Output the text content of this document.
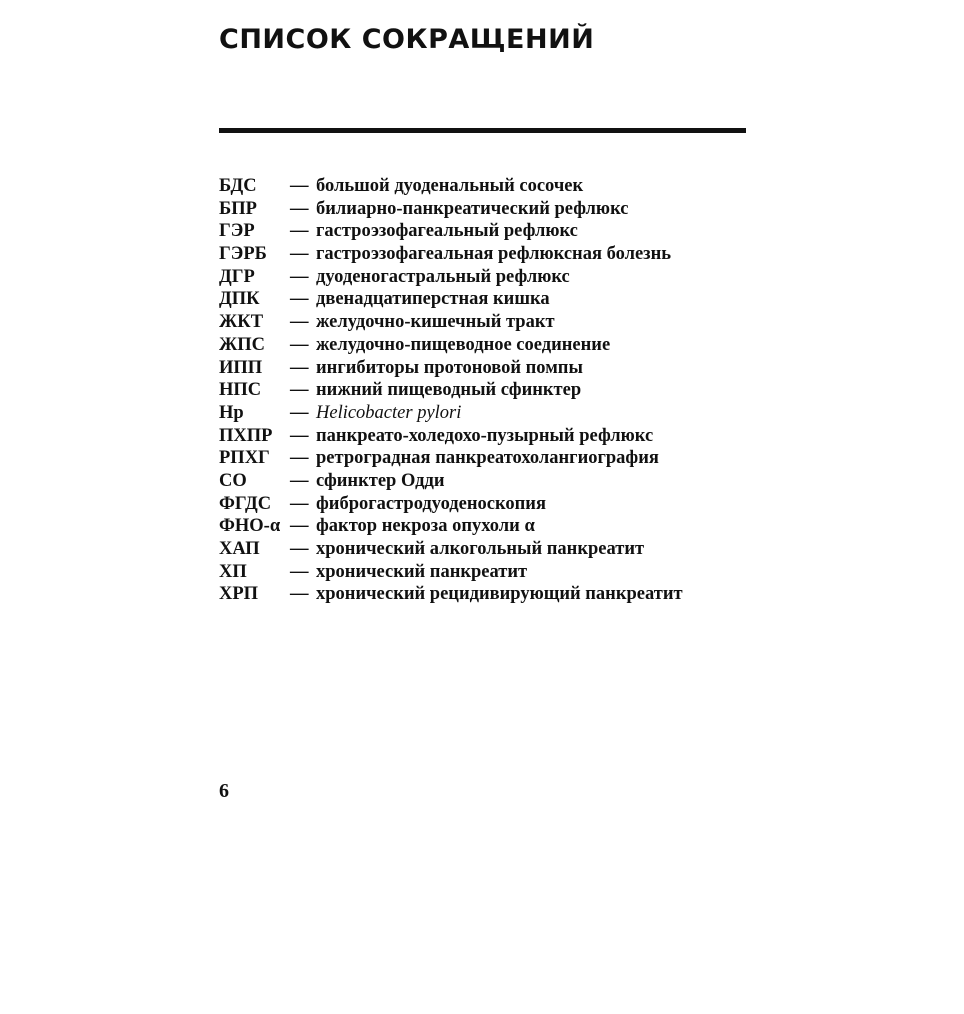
СПИСОК СОКРАЩЕНИЙ
БДС — большой дуоденальный сосочек
БПР — билиарно-панкреатический рефлюкс
ГЭР — гастроэзофагеальный рефлюкс
ГЭРБ — гастроэзофагеальная рефлюксная болезнь
ДГР — дуоденогастральный рефлюкс
ДПК — двенадцатиперстная кишка
ЖКТ — желудочно-кишечный тракт
ЖПС — желудочно-пищеводное соединение
ИПП — ингибиторы протоновой помпы
НПС — нижний пищеводный сфинктер
Hp	— Helicobacter pylori
ПХПР — панкреато-холедохо-пузырный рефлюкс
РПХГ — ретроградная панкреатохолангиография
СО — сфинктер Одди
ФГДС — фиброгастродуоденоскопия
ФНО-α — фактор некроза опухоли α
ХАП — хронический алкогольный панкреатит
ХП — хронический панкреатит
ХРП — хронический рецидивирующий панкреатит
6
